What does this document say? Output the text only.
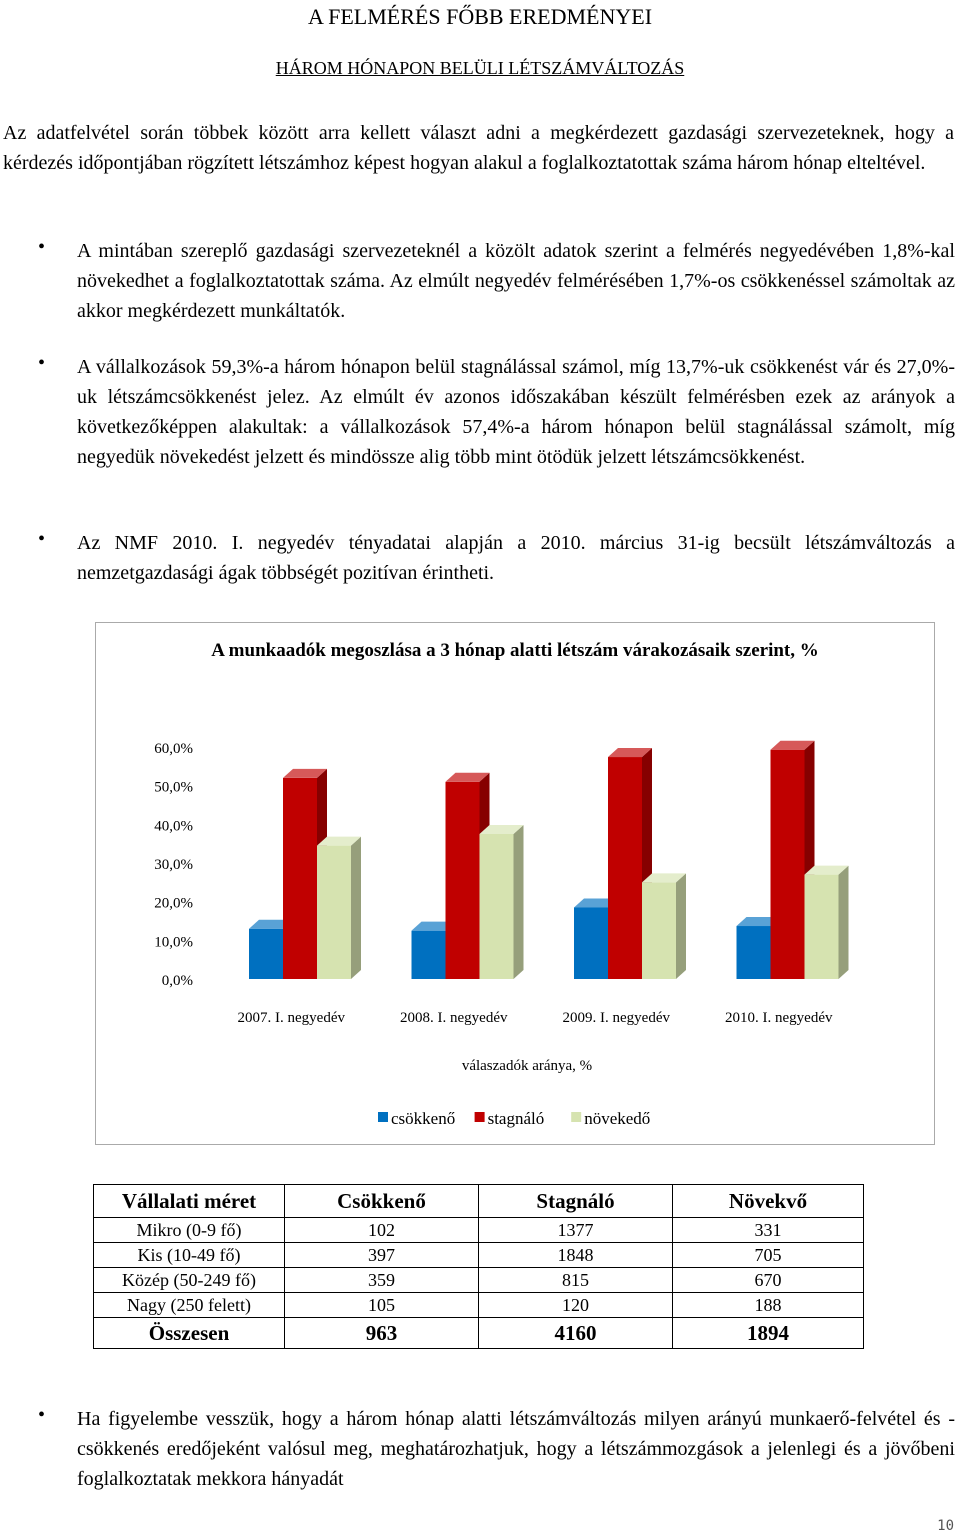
A FELMÉRÉS FŐBB EREDMÉNYEI
HÁROM HÓNAPON BELÜLI LÉTSZÁMVÁLTOZÁS

Az adatfelvétel során többek között arra kellett választ adni a megkérdezett gazdasági szervezeteknek, hogy a kérdezés időpontjában rögzített létszámhoz képest hogyan alakul a foglalkoztatottak száma három hónap elteltével.

• A mintában szereplő gazdasági szervezeteknél a közölt adatok szerint a felmérés negyedévében 1,8%-kal növekedhet a foglalkoztatottak száma. Az elmúlt negyedév felmérésében 1,7%-os csökkenéssel számoltak az akkor megkérdezett munkáltatók.

• A vállalkozások 59,3%-a három hónapon belül stagnálással számol, míg 13,7%-uk csökkenést vár és 27,0%-uk létszámcsökkenést jelez. Az elmúlt év azonos időszakában készült felmérésben ezek az arányok a következőképpen alakultak: a vállalkozások 57,4%-a három hónapon belül stagnálással számolt, míg negyedük növekedést jelzett és mindössze alig több mint ötödük jelzett létszámcsökkenést.

• Az NMF 2010. I. negyedév tényadatai alapján a 2010. március 31-ig becsült létszámváltozás a nemzetgazdasági ágak többségét pozitívan érintheti.

A munkaadók megoszlása a 3 hónap alatti létszám várakozásaik szerint, %
0,0%
10,0%
20,0%
30,0%
40,0%
50,0%
60,0%
2007. I. negyedév	2008. I. negyedév	2009. I. negyedév	2010. I. negyedév
válaszadók aránya, %
csökkenő stagnáló növekedő
Vállalati méret	Csökkenő	Stagnáló	Növekvő
Mikro (0-9 fő)	102	1377	331
Kis (10-49 fő)	397	1848	705
Közép (50-249 fő)	359	815	670
Nagy (250 felett)	105	120	188
Összesen	963	4160	1894
• Ha figyelembe vesszük, hogy a három hónap alatti létszámváltozás milyen arányú munkaerő-felvétel és -csökkenés eredőjeként valósul meg, meghatározhatjuk, hogy a létszámmozgások a jelenlegi és a jövőbeni foglalkoztatak mekkora hányadát

10
